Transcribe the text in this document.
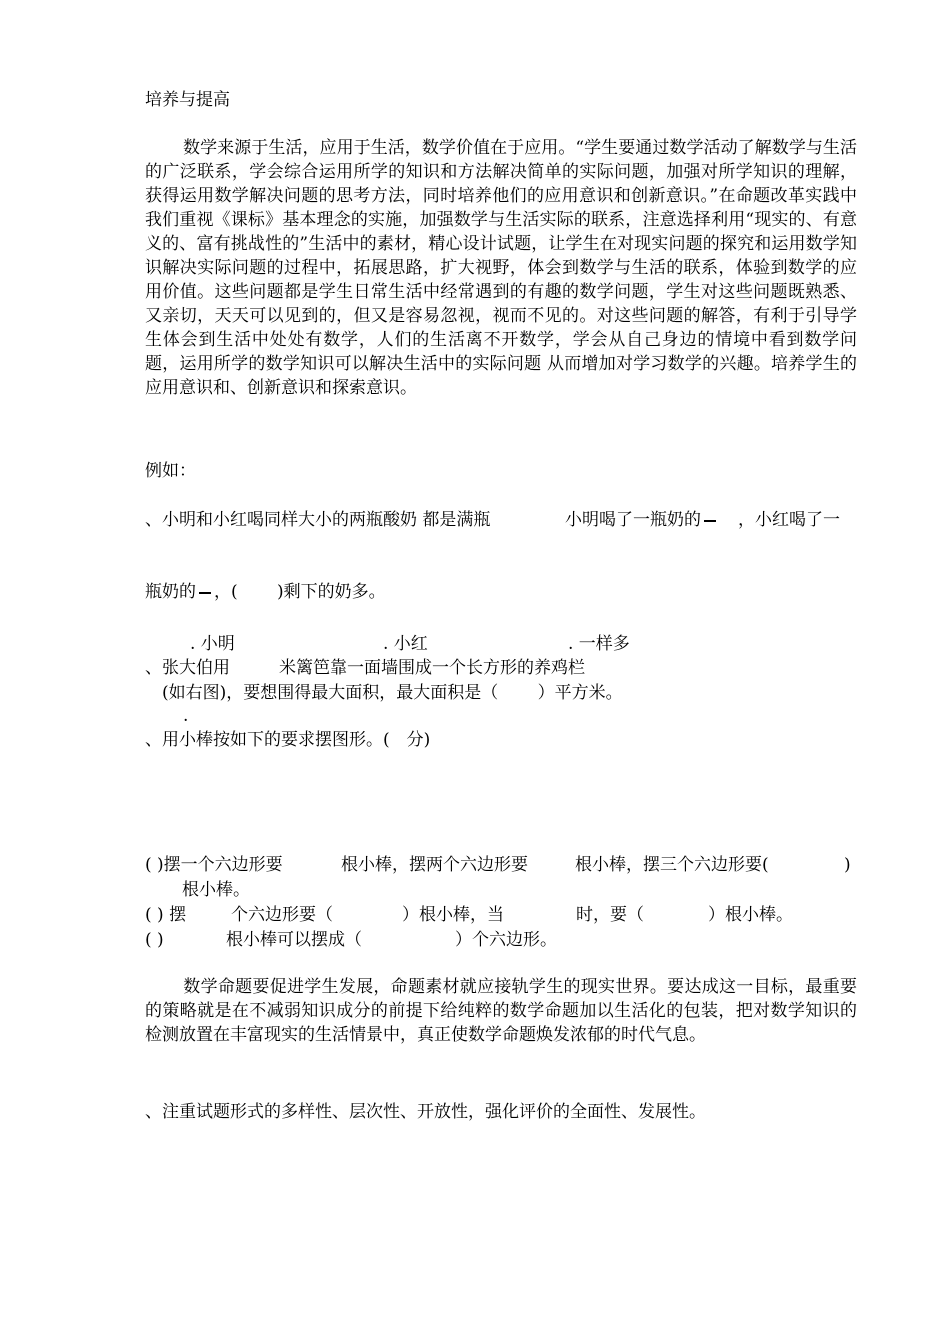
培养与提高
数学来源于生活，应用于生活，数学价值在于应用。“学生要通过数学活动了解数学与生活的广泛联系，学会综合运用所学的知识和方法解决简单的实际问题，加强对所学知识的理解，获得运用数学解决问题的思考方法，同时培养他们的应用意识和创新意识。”在命题改革实践中我们重视《课标》基本理念的实施，加强数学与生活实际的联系，注意选择利用“现实的、有意义的、富有挑战性的”生活中的素材，精心设计试题，让学生在对现实问题的探究和运用数学知识解决实际问题的过程中，拓展思路，扩大视野，体会到数学与生活的联系，体验到数学的应用价值。这些问题都是学生日常生活中经常遇到的有趣的数学问题，学生对这些问题既熟悉、又亲切，天天可以见到的，但又是容易忽视，视而不见的。对这些问题的解答，有利于引导学生体会到生活中处处有数学，人们的生活离不开数学，学会从自己身边的情境中看到数学问题，运用所学的数学知识可以解决生活中的实际问题 从而增加对学习数学的兴趣。培养学生的应用意识和、创新意识和探索意识。
例如：
、小明和小红喝同样大小的两瓶酸奶 都是满瓶	小明喝了一瓶奶的	，小红喝了一
瓶奶的 ，(　　 )剩下的奶多。
. 小明	. 小红	. 一样多
、张大伯用	米篱笆靠一面墙围成一个长方形的养鸡栏
(如右图)，要想围得最大面积，最大面积是（　　 ）平方米。
.
、用小棒按如下的要求摆图形。(　分)
( )摆一个六边形要	根小棒，摆两个六边形要	根小棒，摆三个六边形要(	)
根小棒。
( ) 摆	个六边形要（	）根小棒，当	时，要（	）根小棒。
( )	根小棒可以摆成（	）个六边形。
数学命题要促进学生发展，命题素材就应接轨学生的现实世界。要达成这一目标，最重要的策略就是在不减弱知识成分的前提下给纯粹的数学命题加以生活化的包装，把对数学知识的检测放置在丰富现实的生活情景中，真正使数学命题焕发浓郁的时代气息。
、注重试题形式的多样性、层次性、开放性，强化评价的全面性、发展性。
